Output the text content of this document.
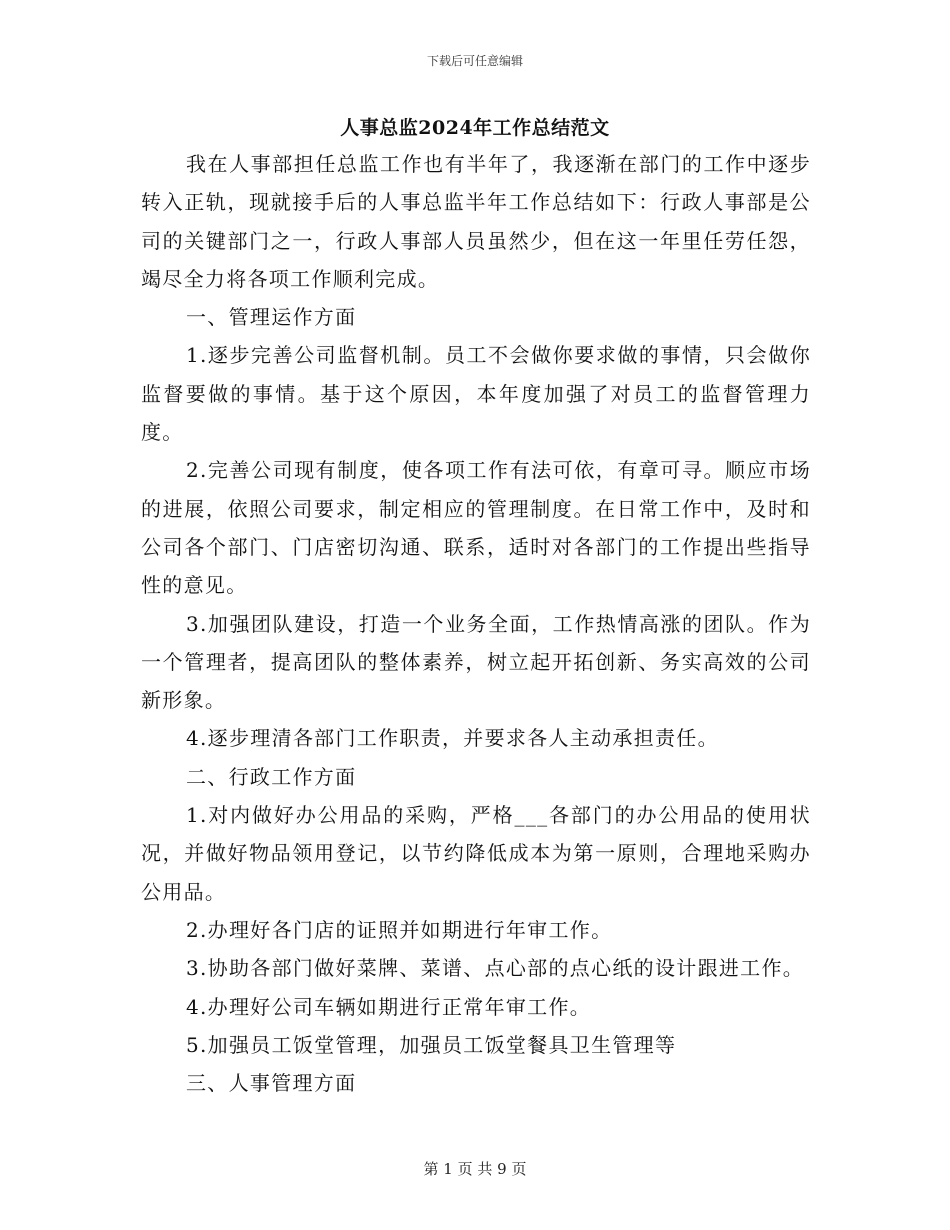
下载后可任意编辑
人事总监2024年工作总结范文

我在人事部担任总监工作也有半年了，我逐渐在部门的工作中逐步转入正轨，现就接手后的人事总监半年工作总结如下：行政人事部是公司的关键部门之一，行政人事部人员虽然少，但在这一年里任劳任怨，竭尽全力将各项工作顺利完成。

一、管理运作方面

1.逐步完善公司监督机制。员工不会做你要求做的事情，只会做你监督要做的事情。基于这个原因，本年度加强了对员工的监督管理力度。

2.完善公司现有制度，使各项工作有法可依，有章可寻。顺应市场的进展，依照公司要求，制定相应的管理制度。在日常工作中，及时和公司各个部门、门店密切沟通、联系，适时对各部门的工作提出些指导性的意见。

3.加强团队建设，打造一个业务全面，工作热情高涨的团队。作为一个管理者，提高团队的整体素养，树立起开拓创新、务实高效的公司新形象。

4.逐步理清各部门工作职责，并要求各人主动承担责任。

二、行政工作方面

1.对内做好办公用品的采购，严格___各部门的办公用品的使用状况，并做好物品领用登记，以节约降低成本为第一原则，合理地采购办公用品。

2.办理好各门店的证照并如期进行年审工作。

3.协助各部门做好菜牌、菜谱、点心部的点心纸的设计跟进工作。

4.办理好公司车辆如期进行正常年审工作。

5.加强员工饭堂管理，加强员工饭堂餐具卫生管理等

三、人事管理方面

第 1 页 共 9 页
